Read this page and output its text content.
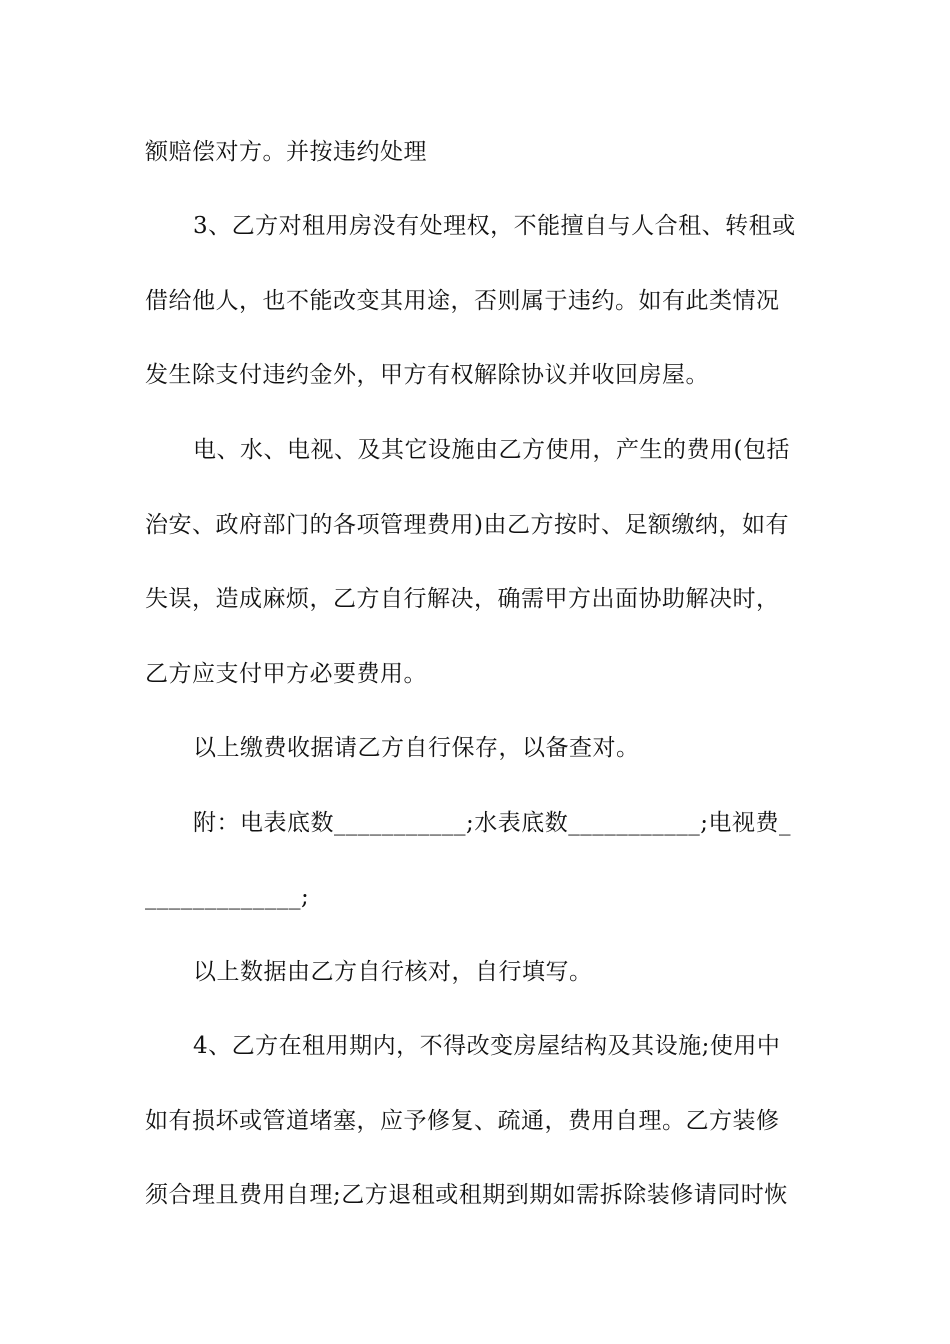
额赔偿对方。并按违约处理
3、乙方对租用房没有处理权，不能擅自与人合租、转租或
借给他人，也不能改变其用途，否则属于违约。如有此类情况
发生除支付违约金外，甲方有权解除协议并收回房屋。
电、水、电视、及其它设施由乙方使用，产生的费用(包括
治安、政府部门的各项管理费用)由乙方按时、足额缴纳，如有
失误，造成麻烦，乙方自行解决，确需甲方出面协助解决时，
乙方应支付甲方必要费用。
以上缴费收据请乙方自行保存，以备查对。
附：电表底数___________;水表底数___________;电视费_
_____________;
以上数据由乙方自行核对，自行填写。
4、乙方在租用期内，不得改变房屋结构及其设施;使用中
如有损坏或管道堵塞，应予修复、疏通，费用自理。乙方装修
须合理且费用自理;乙方退租或租期到期如需拆除装修请同时恢
